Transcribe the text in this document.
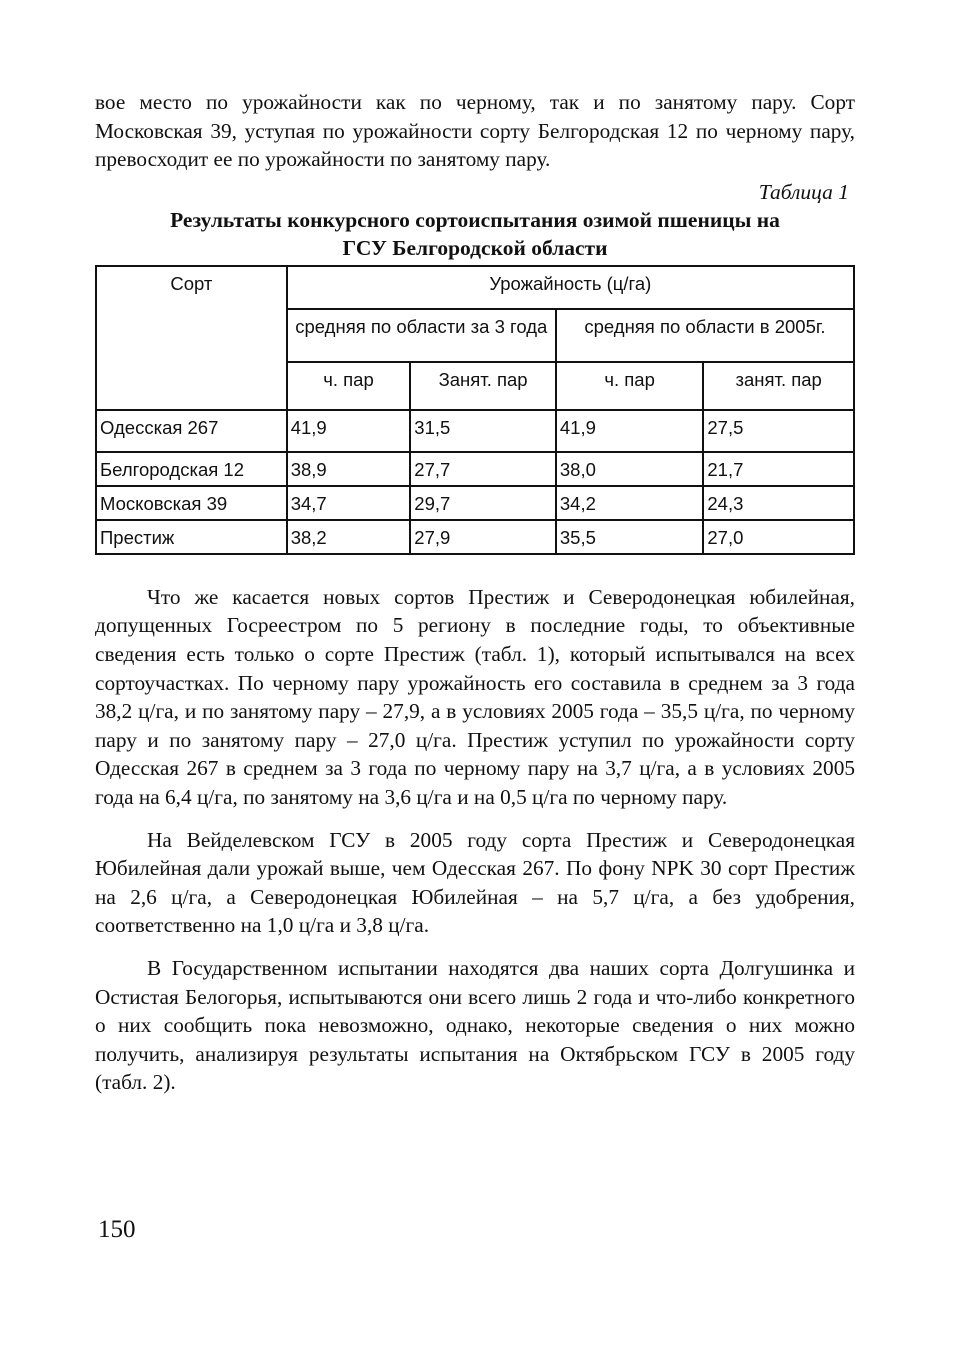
вое место по урожайности как по черному, так и по занятому пару. Сорт Московская 39, уступая по урожайности сорту Белгородская 12 по черному пару, превосходит ее по урожайности по занятому пару.

Таблица 1
Результаты конкурсного сортоиспытания озимой пшеницы на
ГСУ Белгородской области
Сорт	Урожайность (ц/га)			
	средняя по области за 3 года		средняя по области в 2005г.	
	ч. пар	Занят. пар	ч. пар	занят. пар
Одесская 267	41,9	31,5	41,9	27,5
Белгородская 12	38,9	27,7	38,0	21,7
Московская 39	34,7	29,7	34,2	24,3
Престиж	38,2	27,9	35,5	27,0

Что же касается новых сортов Престиж и Северодонецкая юбилейная, допущенных Госреестром по 5 региону в последние годы, то объективные сведения есть только о сорте Престиж (табл. 1), который испытывался на всех сортоучастках. По черному пару урожайность его составила в среднем за 3 года 38,2 ц/га, и по занятому пару – 27,9, а в условиях 2005 года – 35,5 ц/га, по черному пару и по занятому пару – 27,0 ц/га. Престиж уступил по урожайности сорту Одесская 267 в среднем за 3 года по черному пару на 3,7 ц/га, а в условиях 2005 года на 6,4 ц/га, по занятому на 3,6 ц/га и на 0,5 ц/га по черному пару.

На Вейделевском ГСУ в 2005 году сорта Престиж и Северодонецкая Юбилейная дали урожай выше, чем Одесская 267. По фону NPK 30 сорт Престиж на 2,6 ц/га, а Северодонецкая Юбилейная – на 5,7 ц/га, а без удобрения, соответственно на 1,0 ц/га и 3,8 ц/га.

В Государственном испытании находятся два наших сорта Долгушинка и Остистая Белогорья, испытываются они всего лишь 2 года и что-либо конкретного о них сообщить пока невозможно, однако, некоторые сведения о них можно получить, анализируя результаты испытания на Октябрьском ГСУ в 2005 году (табл. 2).

150
